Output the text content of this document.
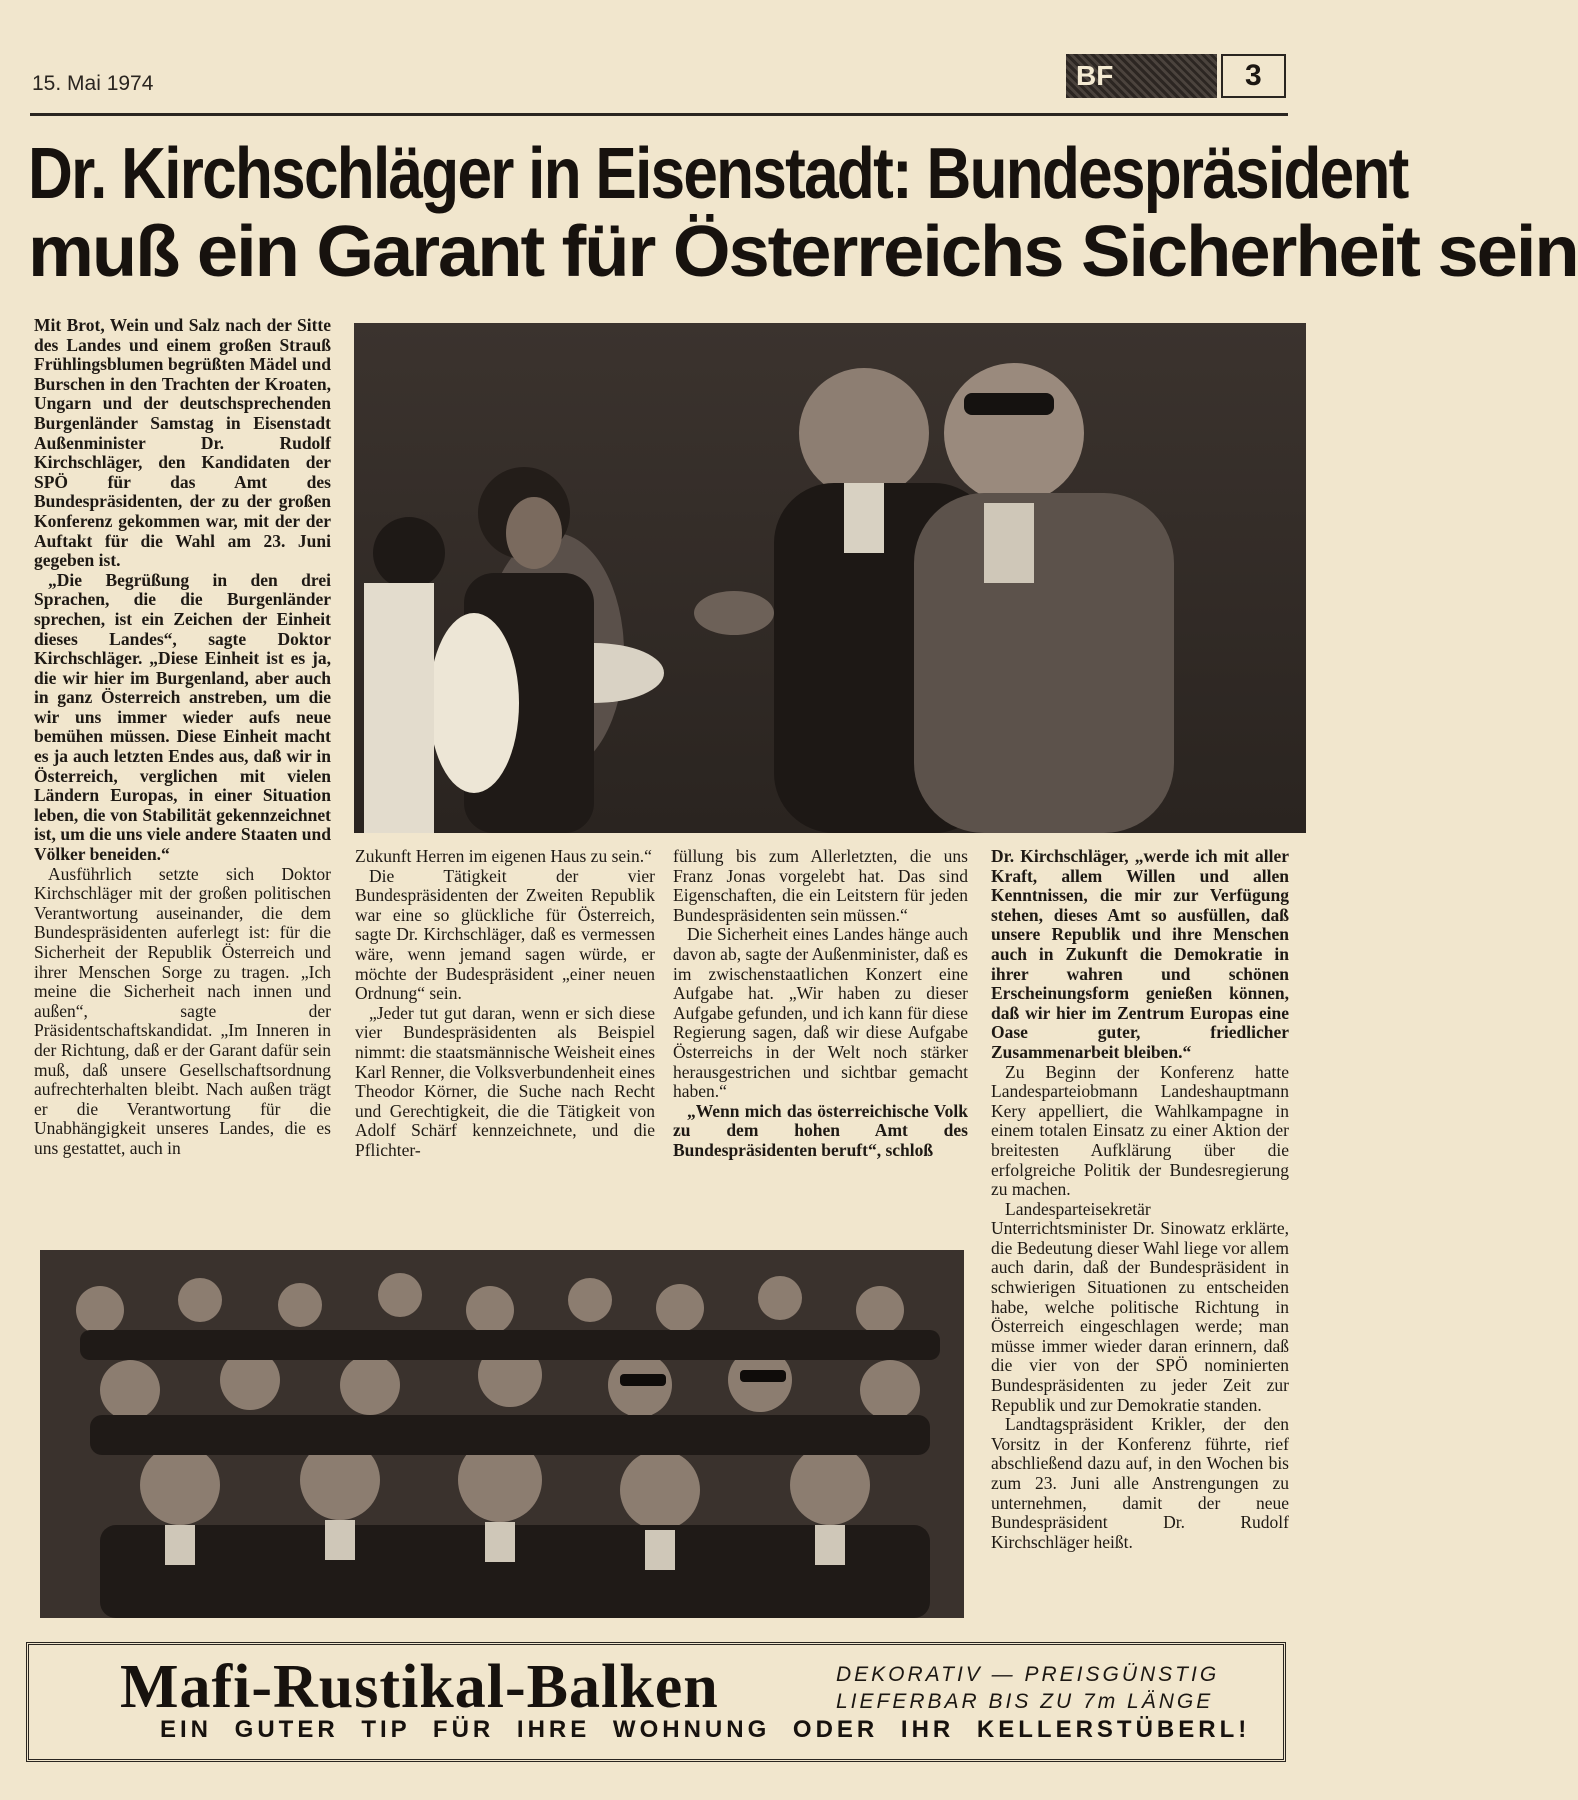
15. Mai 1974	BF	3
Dr. Kirchschläger in Eisenstadt: Bundespräsident
muß ein Garant für Österreichs Sicherheit sein

Mit Brot, Wein und Salz nach der Sitte des Landes und einem großen Strauß Frühlingsblumen begrüßten Mädel und Burschen in den Trachten der Kroaten, Ungarn und der deutschsprechenden Burgenländer Samstag in Eisenstadt Außenminister Dr. Rudolf Kirchschläger, den Kandidaten der SPÖ für das Amt des Bundespräsidenten, der zu der großen Konferenz gekommen war, mit der der Auftakt für die Wahl am 23. Juni gegeben ist.

„Die Begrüßung in den drei Sprachen, die die Burgenländer sprechen, ist ein Zeichen der Einheit dieses Landes“, sagte Doktor Kirchschläger. „Diese Einheit ist es ja, die wir hier im Burgenland, aber auch in ganz Österreich anstreben, um die wir uns immer wieder aufs neue bemühen müssen. Diese Einheit macht es ja auch letzten Endes aus, daß wir in Österreich, verglichen mit vielen Ländern Europas, in einer Situation leben, die von Stabilität gekennzeichnet ist, um die uns viele andere Staaten und Völker beneiden.“

Ausführlich setzte sich Doktor Kirchschläger mit der großen politischen Verantwortung auseinander, die dem Bundespräsidenten auferlegt ist: für die Sicherheit der Republik Österreich und ihrer Menschen Sorge zu tragen. „Ich meine die Sicherheit nach innen und außen“, sagte der Präsidentschaftskandidat. „Im Inneren in der Richtung, daß er der Garant dafür sein muß, daß unsere Gesellschaftsordnung aufrechterhalten bleibt. Nach außen trägt er die Verantwortung für die Unabhängigkeit unseres Landes, die es uns gestattet, auch in

Zukunft Herren im eigenen Haus zu sein.“

Die Tätigkeit der vier Bundespräsidenten der Zweiten Republik war eine so glückliche für Österreich, sagte Dr. Kirchschläger, daß es vermessen wäre, wenn jemand sagen würde, er möchte der Budespräsident „einer neuen Ordnung“ sein.

„Jeder tut gut daran, wenn er sich diese vier Bundespräsidenten als Beispiel nimmt: die staatsmännische Weisheit eines Karl Renner, die Volksverbundenheit eines Theodor Körner, die Suche nach Recht und Gerechtigkeit, die die Tätigkeit von Adolf Schärf kennzeichnete, und die Pflichter-

füllung bis zum Allerletzten, die uns Franz Jonas vorgelebt hat. Das sind Eigenschaften, die ein Leitstern für jeden Bundespräsidenten sein müssen.“

Die Sicherheit eines Landes hänge auch davon ab, sagte der Außenminister, daß es im zwischenstaatlichen Konzert eine Aufgabe hat. „Wir haben zu dieser Aufgabe gefunden, und ich kann für diese Regierung sagen, daß wir diese Aufgabe Österreichs in der Welt noch stärker herausgestrichen und sichtbar gemacht haben.“

„Wenn mich das österreichische Volk zu dem hohen Amt des Bundespräsidenten beruft“, schloß

Dr. Kirchschläger, „werde ich mit aller Kraft, allem Willen und allen Kenntnissen, die mir zur Verfügung stehen, dieses Amt so ausfüllen, daß unsere Republik und ihre Menschen auch in Zukunft die Demokratie in ihrer wahren und schönen Erscheinungsform genießen können, daß wir hier im Zentrum Europas eine Oase guter, friedlicher Zusammenarbeit bleiben.“

Zu Beginn der Konferenz hatte Landesparteiobmann Landeshauptmann Kery appelliert, die Wahlkampagne in einem totalen Einsatz zu einer Aktion der breitesten Aufklärung über die erfolgreiche Politik der Bundesregierung zu machen.

Landesparteisekretär Unterrichtsminister Dr. Sinowatz erklärte, die Bedeutung dieser Wahl liege vor allem auch darin, daß der Bundespräsident in schwierigen Situationen zu entscheiden habe, welche politische Richtung in Österreich eingeschlagen werde; man müsse immer wieder daran erinnern, daß die vier von der SPÖ nominierten Bundespräsidenten zu jeder Zeit zur Republik und zur Demokratie standen.

Landtagspräsident Krikler, der den Vorsitz in der Konferenz führte, rief abschließend dazu auf, in den Wochen bis zum 23. Juni alle Anstrengungen zu unternehmen, damit der neue Bundespräsident Dr. Rudolf Kirchschläger heißt.

Mafi-Rustikal-Balken	DEKORATIV — PREISGÜNSTIG
LIEFERBAR BIS ZU 7m LÄNGE
EIN GUTER TIP FÜR IHRE WOHNUNG ODER IHR KELLERSTÜBERL!
